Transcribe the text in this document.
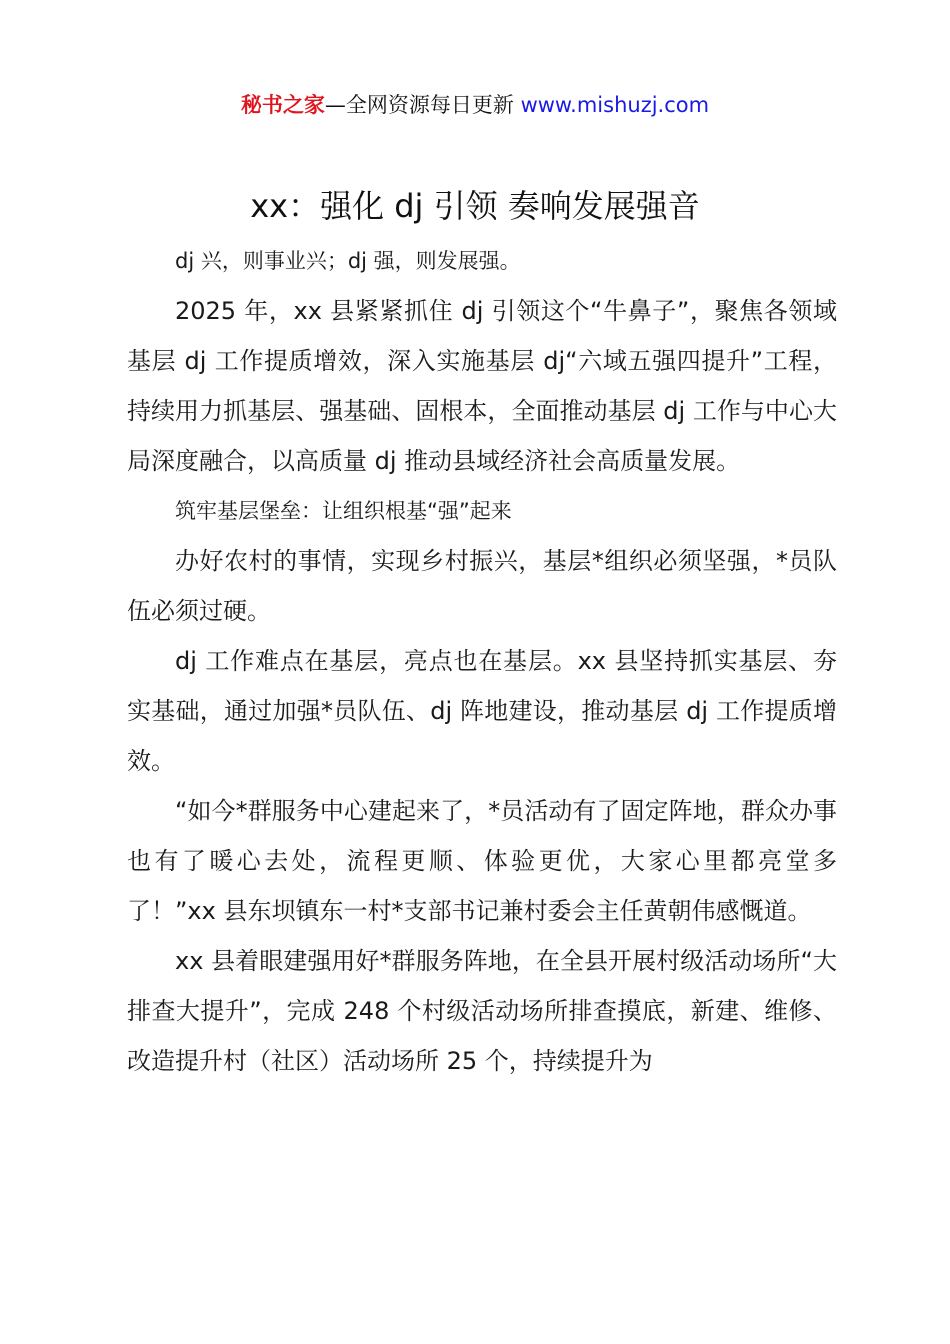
秘书之家—全网资源每日更新 www.mishuzj.com
xx：强化 dj 引领 奏响发展强音

dj 兴，则事业兴；dj 强，则发展强。

2025 年，xx 县紧紧抓住 dj 引领这个“牛鼻子”，聚焦各领域基层 dj 工作提质增效，深入实施基层 dj“六域五强四提升”工程，持续用力抓基层、强基础、固根本，全面推动基层 dj 工作与中心大局深度融合，以高质量 dj 推动县域经济社会高质量发展。

筑牢基层堡垒：让组织根基“强”起来

办好农村的事情，实现乡村振兴，基层*组织必须坚强，*员队伍必须过硬。

dj 工作难点在基层，亮点也在基层。xx 县坚持抓实基层、夯实基础，通过加强*员队伍、dj 阵地建设，推动基层 dj 工作提质增效。

“如今*群服务中心建起来了，*员活动有了固定阵地，群众办事也有了暖心去处，流程更顺、体验更优，大家心里都亮堂多了！”xx 县东坝镇东一村*支部书记兼村委会主任黄朝伟感慨道。

xx 县着眼建强用好*群服务阵地，在全县开展村级活动场所“大排查大提升”，完成 248 个村级活动场所排查摸底，新建、维修、改造提升村（社区）活动场所 25 个，持续提升为
